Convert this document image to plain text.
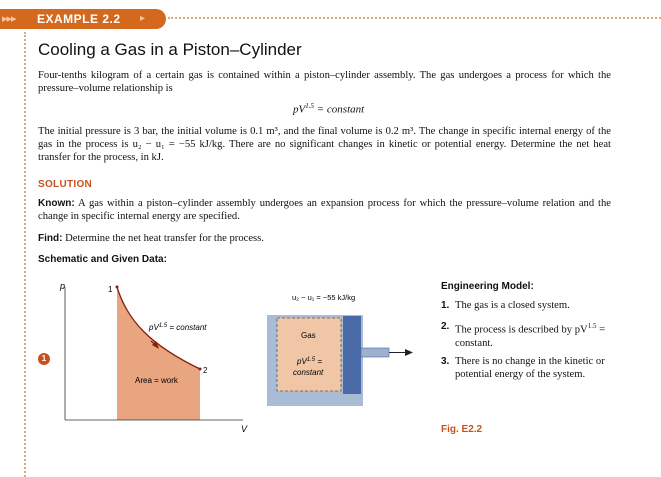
▸▸▸ EXAMPLE 2.2 ▸
Cooling a Gas in a Piston–Cylinder
Four-tenths kilogram of a certain gas is contained within a piston–cylinder assembly. The gas undergoes a process for which the pressure–volume relationship is
$pV^{1.5}$ = constant
The initial pressure is 3 bar, the initial volume is 0.1 m³, and the final volume is 0.2 m³. The change in specific internal energy of the gas in the process is u₂ − u₁ = −55 kJ/kg. There are no significant changes in kinetic or potential energy. Determine the net heat transfer for the process, in kJ.
SOLUTION
Known: A gas within a piston–cylinder assembly undergoes an expansion process for which the pressure–volume relation and the change in specific internal energy are specified.
Find: Determine the net heat transfer for the process.
Schematic and Given Data:
1
p
V
1
2
$pV^{1.5}$ = constant
Area = work
u₂ − u₁ = −55 kJ/kg
Gas
$pV^{1.5}$ =
constant
Engineering Model:
1. The gas is a closed system.
2. The process is described by $pV^{1.5}$ = constant.
3. There is no change in the kinetic or potential energy of the system.
Fig. E2.2
